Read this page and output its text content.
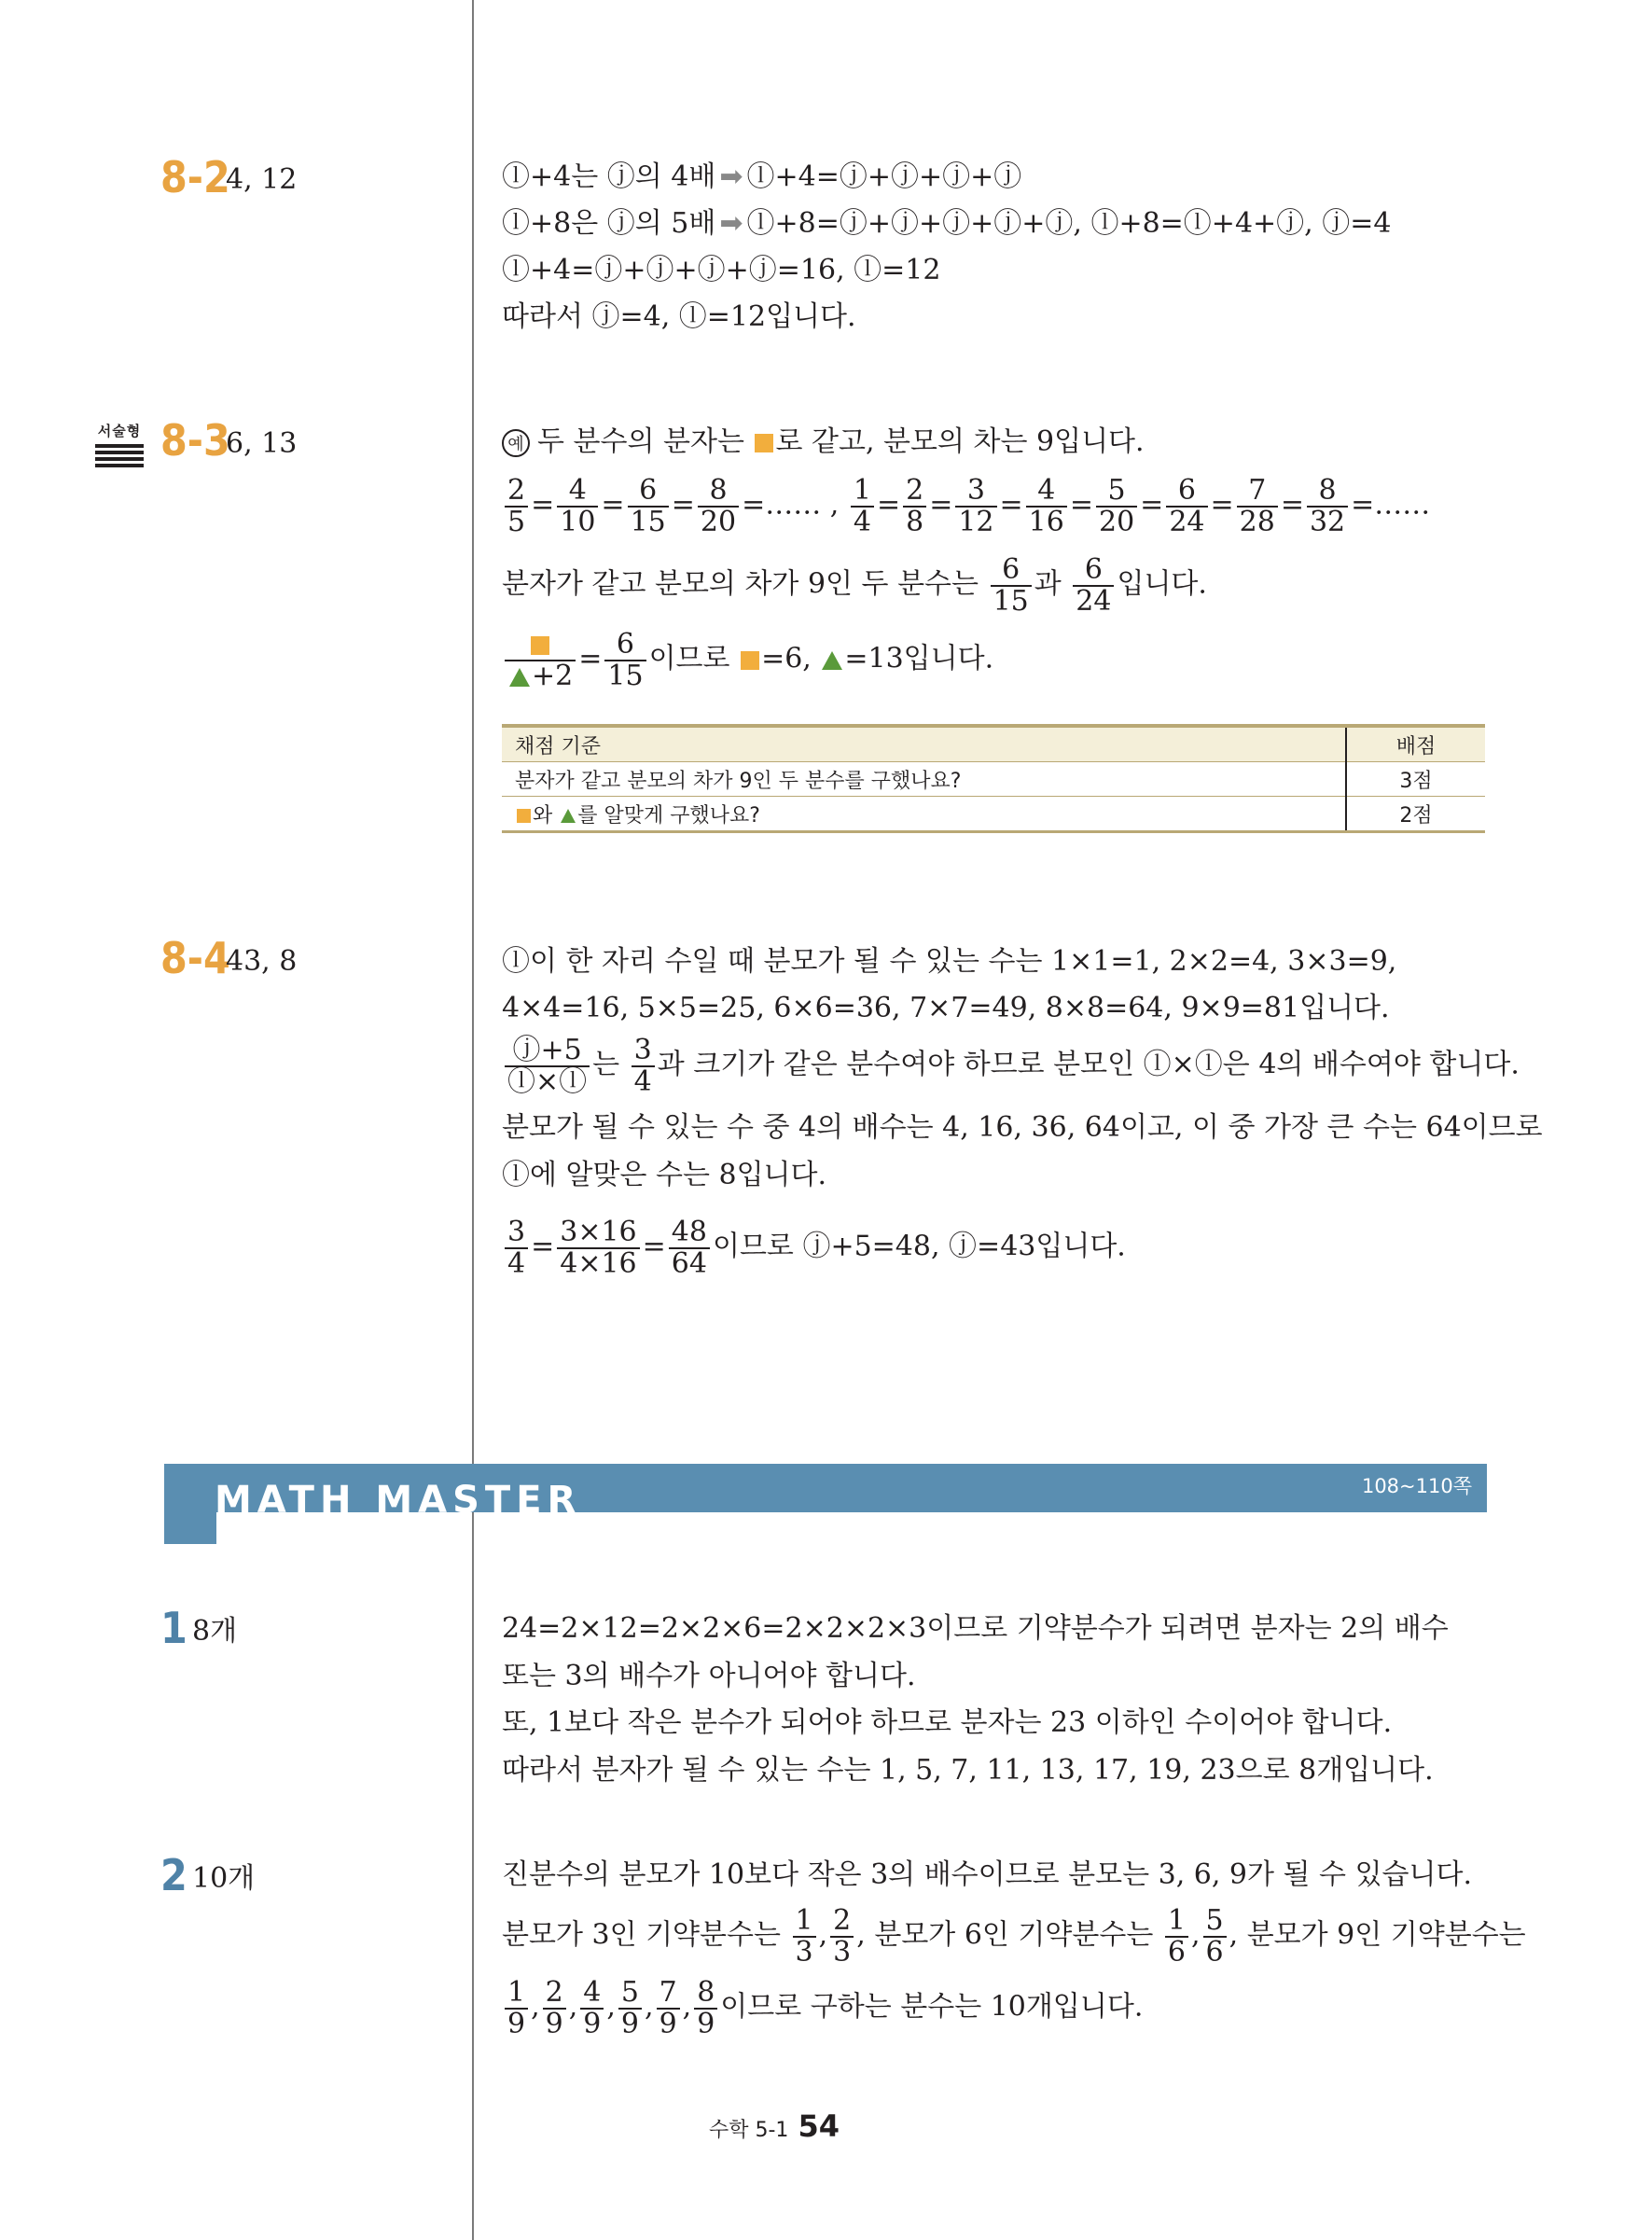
8-2
4, 12	ⓛ+4는 ⓙ의 4배 ➡ ⓛ+4=ⓙ+ⓙ+ⓙ+ⓙ
ⓛ+8은 ⓙ의 5배 ➡ ⓛ+8=ⓙ+ⓙ+ⓙ+ⓙ+ⓙ, ⓛ+8=ⓛ+4+ⓙ, ⓙ=4
ⓛ+4=ⓙ+ⓙ+ⓙ+ⓙ=16, ⓛ=12
따라서 ⓙ=4, ⓛ=12입니다.
서술형 8-3
6, 13	예 두 분수의 분자는 로 같고, 분모의 차는 9입니다.
$\frac{2}{5} = \frac{4}{10} = \frac{6}{15} = \frac{8}{20}$ =…… , $\frac{1}{4} = \frac{2}{8} = \frac{3}{12} = \frac{4}{16} = \frac{5}{20} = \frac{6}{24} = \frac{7}{28} = \frac{8}{32}$ =……
분자가 같고 분모의 차가 9인 두 분수는 $\frac{6}{15}$ 과 $\frac{6}{24}$ 입니다.
+2
= $\frac{6}{15}$ 이므로 =6, =13입니다.
채점 기준	배점
분자가 같고 분모의 차가 9인 두 분수를 구했나요?	3점
와 를 알맞게 구했나요?	2점
8-4
43, 8	ⓛ이 한 자리 수일 때 분모가 될 수 있는 수는 1×1=1, 2×2=4, 3×3=9,
4×4=16, 5×5=25, 6×6=36, 7×7=49, 8×8=64, 9×9=81입니다.
$\frac{ⓙ+5}{ⓛ\timesⓛ}$ 는 $\frac{3}{4}$ 과 크기가 같은 분수여야 하므로 분모인 ⓛ×ⓛ은 4의 배수여야 합니다.
분모가 될 수 있는 수 중 4의 배수는 4, 16, 36, 64이고, 이 중 가장 큰 수는 64이므로
ⓛ에 알맞은 수는 8입니다.
$\frac{3}{4} = \frac{3\times 16}{4\times 16} = \frac{48}{64}$ 이므로 ⓙ+5=48, ⓙ=43입니다.
MATH MASTER	108~110쪽
1 8개	24=2×12=2×2×6=2×2×2×3이므로 기약분수가 되려면 분자는 2의 배수
또는 3의 배수가 아니어야 합니다.
또, 1보다 작은 분수가 되어야 하므로 분자는 23 이하인 수이어야 합니다.
따라서 분자가 될 수 있는 수는 1, 5, 7, 11, 13, 17, 19, 23으로 8개입니다.
2 10개	진분수의 분모가 10보다 작은 3의 배수이므로 분모는 3, 6, 9가 될 수 있습니다.
분모가 3인 기약분수는 $\frac{1}{3}$ , $\frac{2}{3}$ , 분모가 6인 기약분수는 $\frac{1}{6}$ , $\frac{5}{6}$ , 분모가 9인 기약분수는
$\frac{1}{9}$ , $\frac{2}{9}$ , $\frac{4}{9}$ , $\frac{5}{9}$ , $\frac{7}{9}$ , $\frac{8}{9}$ 이므로 구하는 분수는 10개입니다.
수학 5-1 54
